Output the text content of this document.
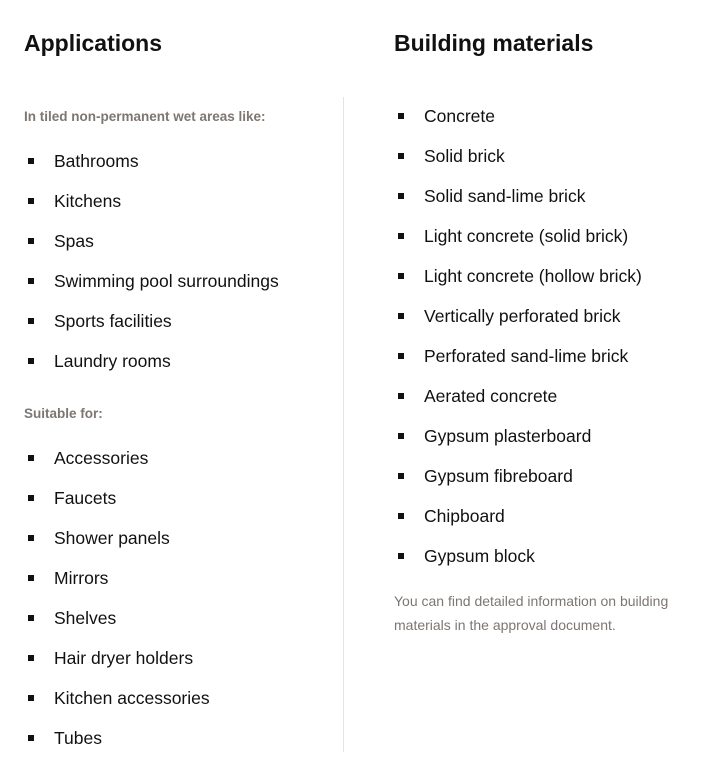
Applications
In tiled non-permanent wet areas like:
Bathrooms
Kitchens
Spas
Swimming pool surroundings
Sports facilities
Laundry rooms
Suitable for:
Accessories
Faucets
Shower panels
Mirrors
Shelves
Hair dryer holders
Kitchen accessories
Tubes
Building materials
Concrete
Solid brick
Solid sand-lime brick
Light concrete (solid brick)
Light concrete (hollow brick)
Vertically perforated brick
Perforated sand-lime brick
Aerated concrete
Gypsum plasterboard
Gypsum fibreboard
Chipboard
Gypsum block
You can find detailed information on building materials in the approval document.
